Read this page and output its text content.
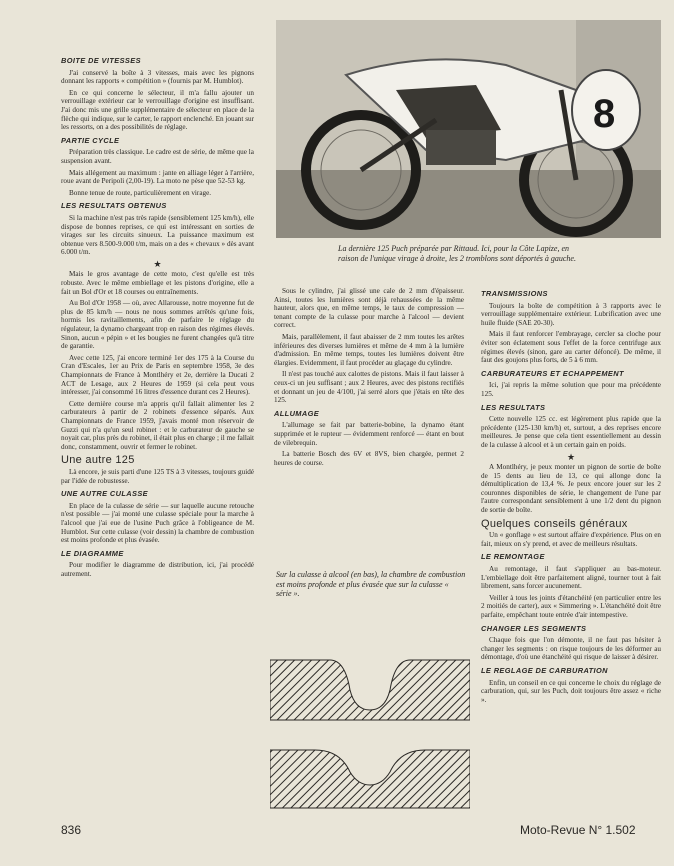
BOITE DE VITESSES

J'ai conservé la boîte à 3 vitesses, mais avec les pignons donnant les rapports « compétition » (fournis par M. Humblot).

En ce qui concerne le sélecteur, il m'a fallu ajouter un verrouillage extérieur car le verrouillage d'origine est insuffisant. J'ai donc mis une grille supplémentaire de sélecteur en place de la flèche qui indique, sur le carter, le rapport enclenché. En jouant sur les ressorts, on a des possibilités de réglage.

PARTIE CYCLE

Préparation très classique. Le cadre est de série, de même que la suspension avant.

Mais allégement au maximum : jante en alliage léger à l'arrière, roue avant de Peripoli (2,00-19). La moto ne pèse que 52-53 kg.

Bonne tenue de route, particulièrement en virage.

LES RESULTATS OBTENUS

Si la machine n'est pas très rapide (sensiblement 125 km/h), elle dispose de bonnes reprises, ce qui est intéressant en sorties de virages sur les circuits sinueux. La puissance maximum est obtenue vers 8.500-9.000 t/m, mais on a des « chevaux » dès avant 6.000 t/m.

★

Mais le gros avantage de cette moto, c'est qu'elle est très robuste. Avec le même embiellage et les pistons d'origine, elle a fait un Bol d'Or et 18 courses ou entraînements.

Au Bol d'Or 1958 — où, avec Allarousse, notre moyenne fut de plus de 85 km/h — nous ne nous sommes arrêtés qu'une fois, hormis les ravitaillements, afin de parfaire le réglage du régulateur, la dynamo chargeant trop en raison des régimes élevés. Sinon, aucun « pépin » et les bougies ne furent changées qu'à titre de garantie.

Avec cette 125, j'ai encore terminé 1er des 175 à la Course du Cran d'Escales, 1er au Prix de Paris en septembre 1958, 3e des Championnats de France à Montlhéry et 2e, derrière la Ducati 2 ACT de Lesage, aux 2 Heures de 1959 (si cela peut vous intéresser, j'ai consommé 16 litres d'essence durant ces 2 Heures).

Cette dernière course m'a appris qu'il fallait alimenter les 2 carburateurs à partir de 2 robinets d'essence séparés. Aux Championnats de France 1959, j'avais monté mon réservoir de Guzzi qui n'a qu'un seul robinet : et le carburateur de gauche se noyait car, plus près du robinet, il était plus en charge ; il me fallait donc, constamment, ouvrir et fermer le robinet.

Une autre 125

Là encore, je suis parti d'une 125 TS à 3 vitesses, toujours guidé par l'idée de robustesse.

UNE AUTRE CULASSE

En place de la culasse de série — sur laquelle aucune retouche n'est possible — j'ai monté une culasse spéciale pour la marche à l'alcool que j'ai eue de l'usine Puch grâce à l'obligeance de M. Humblot. Sur cette culasse (voir dessin) la chambre de combustion est moins profonde et plus évasée.

LE DIAGRAMME

Pour modifier le diagramme de distribution, ici, j'ai procédé autrement.

8
La dernière 125 Puch préparée par Rittaud. Ici, pour la Côte Lapize, en raison de l'unique virage à droite, les 2 tromblons sont déportés à gauche.

Sous le cylindre, j'ai glissé une cale de 2 mm d'épaisseur. Ainsi, toutes les lumières sont déjà rehaussées de la même hauteur, alors que, en même temps, le taux de compression — tenant compte de la culasse pour marche à l'alcool — devient correct.

Mais, parallèlement, il faut abaisser de 2 mm toutes les arêtes inférieures des diverses lumières et même de 4 mm à la lumière d'admission. En même temps, toutes les lumières doivent être élargies. Evidemment, il faut procéder au glaçage du cylindre.

Il n'est pas touché aux calottes de pistons. Mais il faut laisser à ceux-ci un jeu suffisant ; aux 2 Heures, avec des pistons rectifiés et donnant un jeu de 4/100, j'ai serré alors que j'étais en tête des 125.

ALLUMAGE

L'allumage se fait par batterie-bobine, la dynamo étant supprimée et le rupteur — évidemment renforcé — étant en bout de vilebrequin.

La batterie Bosch des 6V et 8VS, bien chargée, permet 2 heures de course.

Sur la culasse à alcool (en bas), la chambre de combustion est moins profonde et plus évasée que sur la culasse « série ».
TRANSMISSIONS

Toujours la boîte de compétition à 3 rapports avec le verrouillage supplémentaire extérieur. Lubrification avec une huile fluide (SAE 20-30).

Mais il faut renforcer l'embrayage, cercler sa cloche pour éviter son éclatement sous l'effet de la force centrifuge aux régimes élevés (sinon, gare au carter défoncé). De même, il faut des goujons plus forts, de 5 à 6 mm.

CARBURATEURS ET ECHAPPEMENT

Ici, j'ai repris la même solution que pour ma précédente 125.

LES RESULTATS

Cette nouvelle 125 cc. est légèrement plus rapide que la précédente (125-130 km/h) et, surtout, a des reprises encore meilleures. Je pense que cela tient essentiellement au dessin de la culasse à alcool et à un certain gain en poids.

★

A Montlhéry, je peux monter un pignon de sortie de boîte de 15 dents au lieu de 13, ce qui allonge donc la démultiplication de 13,4 %. Je peux encore jouer sur les 2 couronnes disponibles de série, le changement de l'une par l'autre correspondant sensiblement à une 1/2 dent du pignon de sortie de boîte.

Quelques conseils généraux

Un « gonflage » est surtout affaire d'expérience. Plus on en fait, mieux on s'y prend, et avec de meilleurs résultats.

LE REMONTAGE

Au remontage, il faut s'appliquer au bas-moteur. L'embiellage doit être parfaitement aligné, tourner tout à fait librement, sans forcer aucunement.

Veiller à tous les joints d'étanchéité (en particulier entre les 2 moitiés de carter), aux « Simmering ». L'étanchéité doit être parfaite, empêchant toute entrée d'air intempestive.

CHANGER LES SEGMENTS

Chaque fois que l'on démonte, il ne faut pas hésiter à changer les segments : on risque toujours de les déformer au démontage, d'où une étanchéité qui risque de laisser à désirer.

LE REGLAGE DE CARBURATION

Enfin, un conseil en ce qui concerne le choix du réglage de carburation, qui, sur les Puch, doit toujours être assez « riche ».

836	Moto-Revue N° 1.502
